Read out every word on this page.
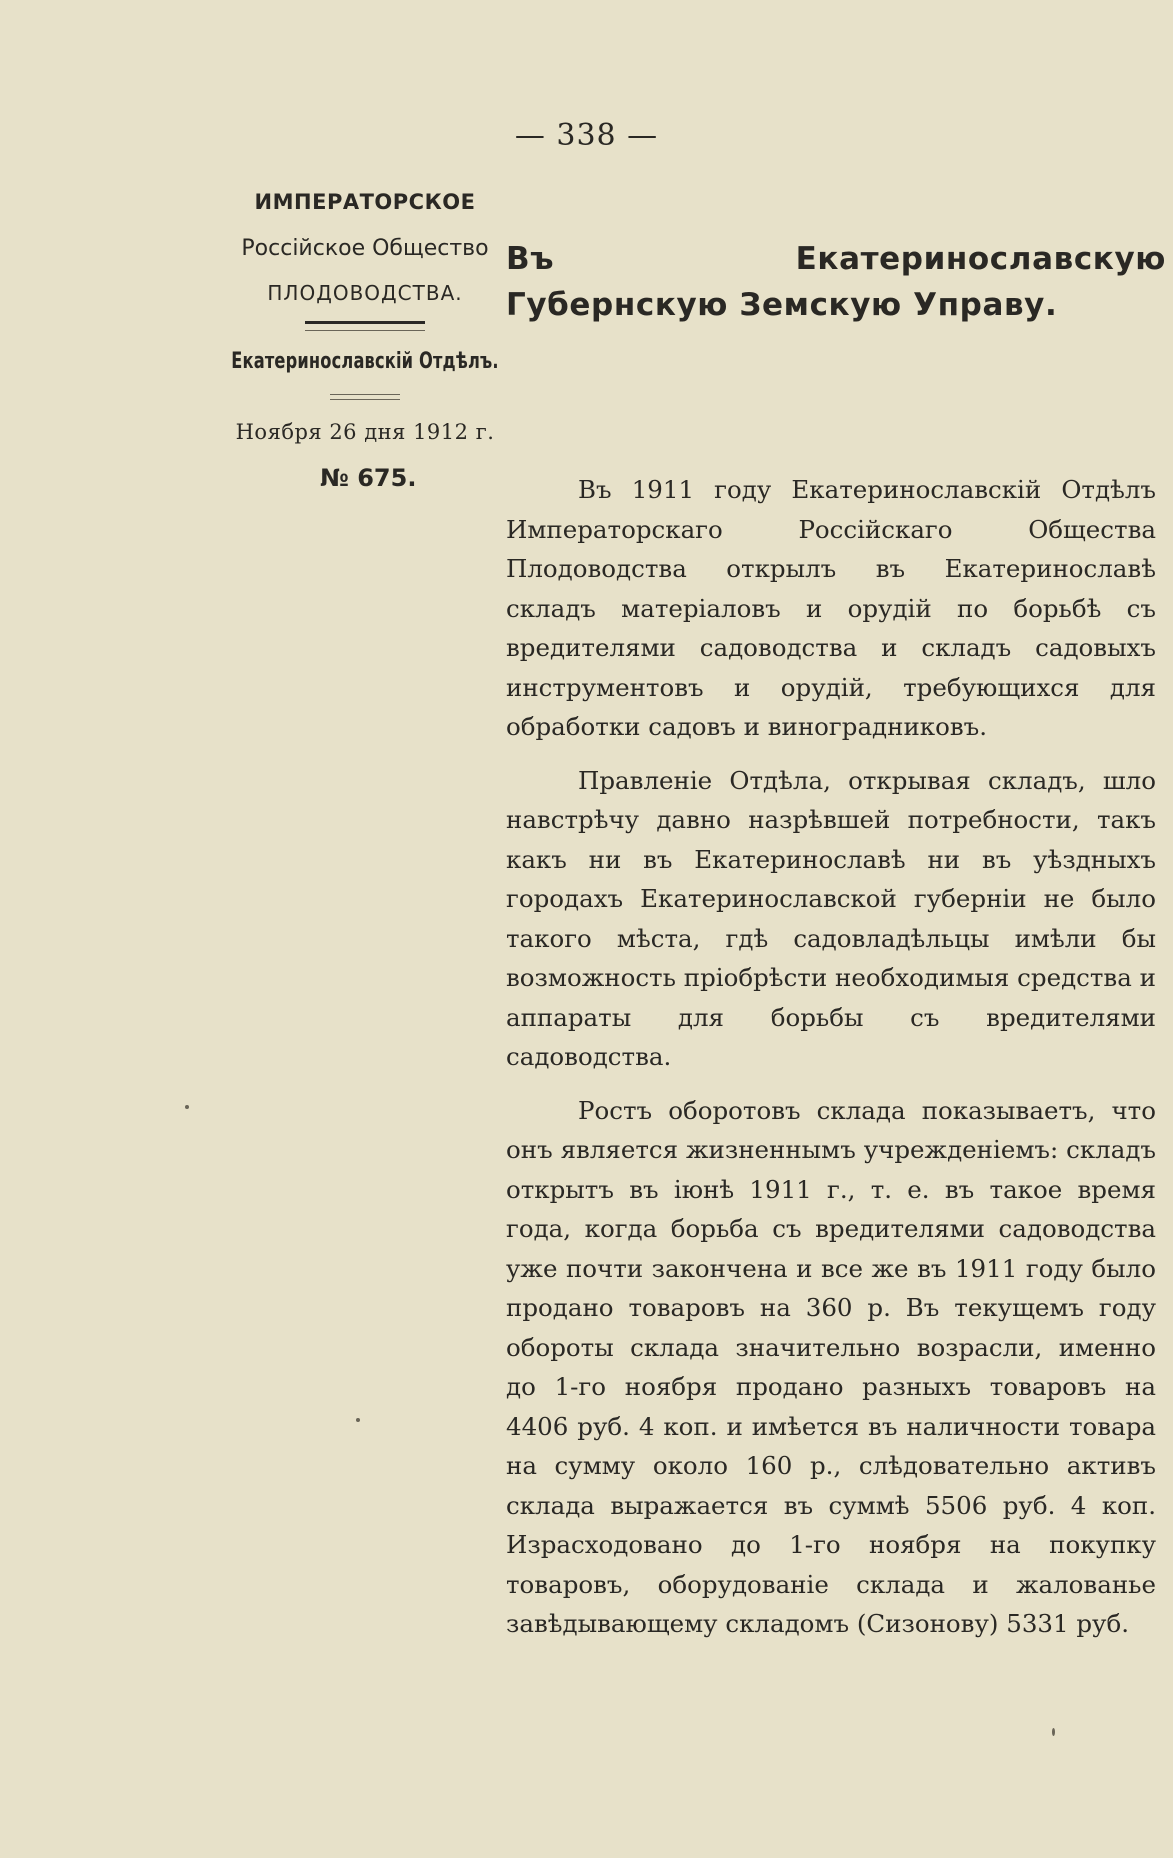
— 338 —
ИМПЕРАТОРСКОЕ
Россійское Общество
ПЛОДОВОДСТВА.
Екатеринославскій Отдѣлъ.
Ноября 26 дня 1912 г.
№ 675.
Въ Екатеринославскую Губернскую Земскую Управу.

Въ 1911 году Екатеринославскій Отдѣлъ Императорскаго Россійскаго Общества Плодоводства открылъ въ Екатеринославѣ складъ матеріаловъ и орудій по борьбѣ съ вредителями садоводства и складъ садовыхъ инструментовъ и орудій, требующихся для обработки садовъ и виноградниковъ.

Правленіе Отдѣла, открывая складъ, шло навстрѣчу давно назрѣвшей потребности, такъ какъ ни въ Екатеринославѣ ни въ уѣздныхъ городахъ Екатеринославской губерніи не было такого мѣста, гдѣ садовладѣльцы имѣли бы возможность пріобрѣсти необходимыя средства и аппараты для борьбы съ вредителями садоводства.

Ростъ оборотовъ склада показываетъ, что онъ является жизненнымъ учрежденіемъ: складъ открытъ въ іюнѣ 1911 г., т. е. въ такое время года, когда борьба съ вредителями садоводства уже почти закончена и все же въ 1911 году было продано товаровъ на 360 р. Въ текущемъ году обороты склада значительно возрасли, именно до 1-го ноября продано разныхъ товаровъ на 4406 руб. 4 коп. и имѣется въ наличности товара на сумму около 160 р., слѣдовательно активъ склада выражается въ суммѣ 5506 руб. 4 коп. Израсходовано до 1-го ноября на покупку товаровъ, оборудованіе склада и жалованье завѣдывающему складомъ (Сизонову) 5331 руб.
